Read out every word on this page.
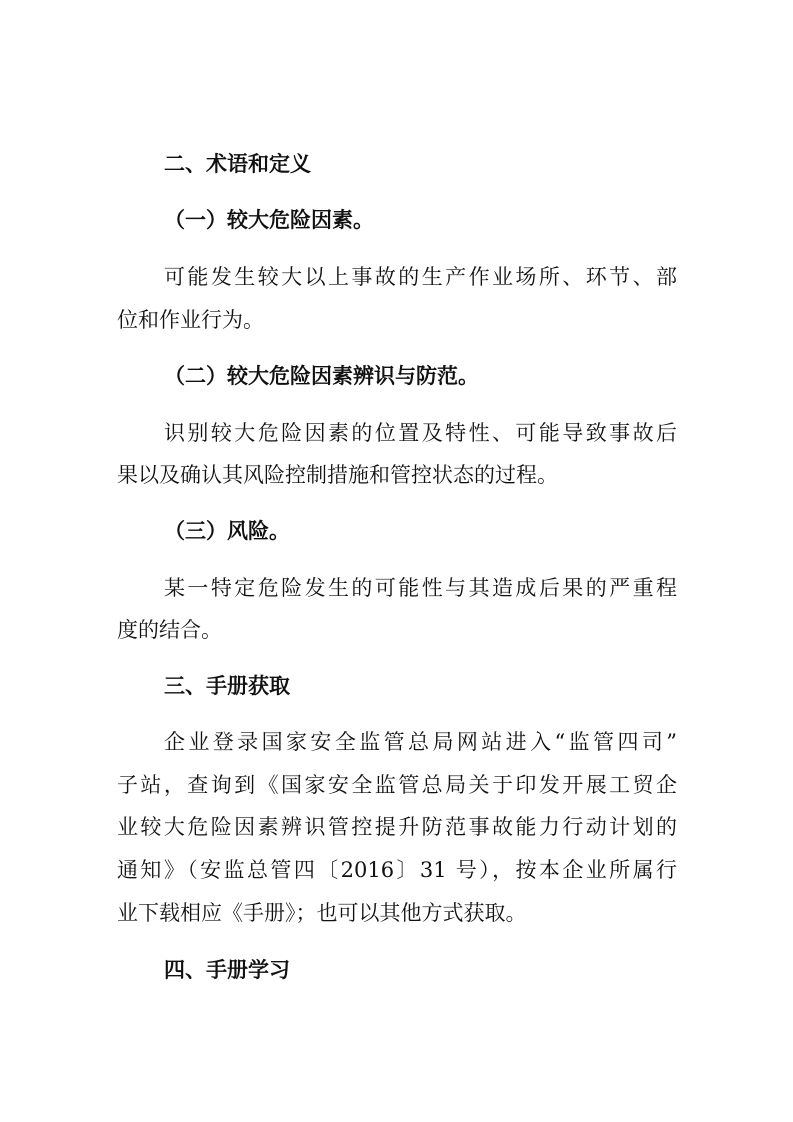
二、术语和定义
（一）较大危险因素。
可能发生较大以上事故的生产作业场所、环节、部
位和作业行为。
（二）较大危险因素辨识与防范。
识别较大危险因素的位置及特性、可能导致事故后
果以及确认其风险控制措施和管控状态的过程。
（三）风险。
某一特定危险发生的可能性与其造成后果的严重程
度的结合。
三、手册获取
企业登录国家安全监管总局网站进入“监管四司”
子站，查询到《国家安全监管总局关于印发开展工贸企
业较大危险因素辨识管控提升防范事故能力行动计划的
通知》（安监总管四〔2016〕31 号），按本企业所属行
业下载相应《手册》；也可以其他方式获取。
四、手册学习
